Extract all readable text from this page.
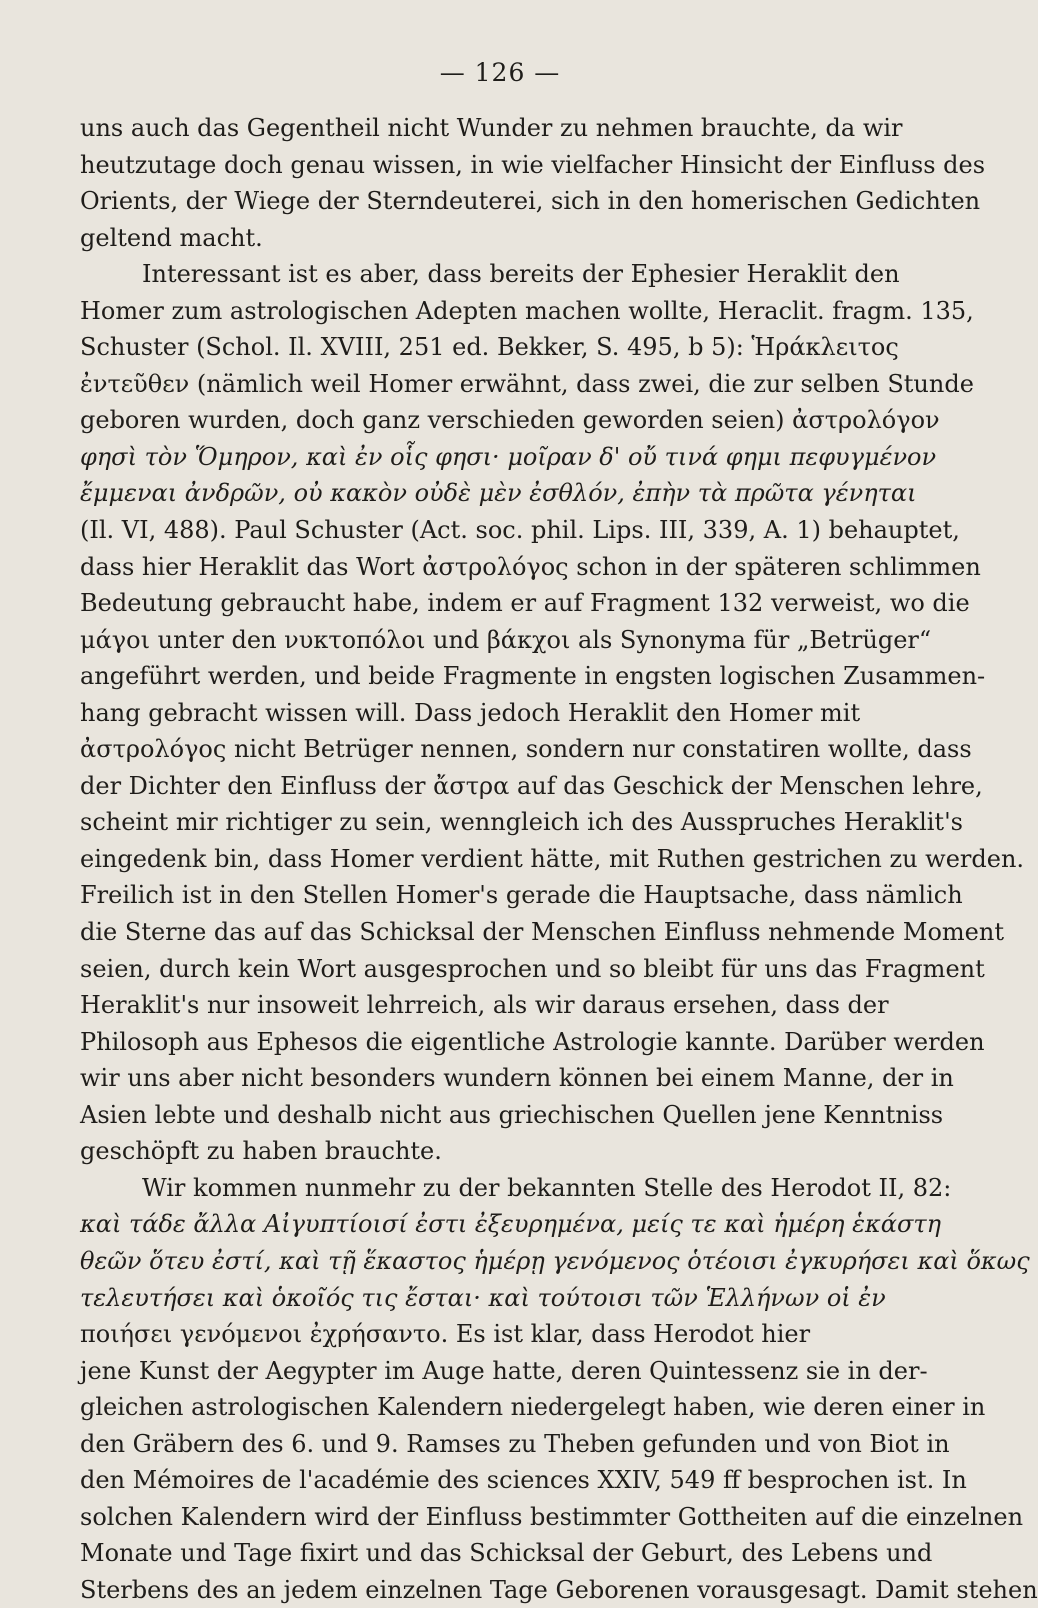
— 126 —
uns auch das Gegentheil nicht Wunder zu nehmen brauchte, da wir
heutzutage doch genau wissen, in wie vielfacher Hinsicht der Einfluss des
Orients, der Wiege der Sterndeuterei, sich in den homerischen Gedichten
geltend macht.
Interessant ist es aber, dass bereits der Ephesier Heraklit den
Homer zum astrologischen Adepten machen wollte, Heraclit. fragm. 135,
Schuster (Schol. Il. XVIII, 251 ed. Bekker, S. 495, b 5): Ἡράκλειτος
ἐντεῦθεν (nämlich weil Homer erwähnt, dass zwei, die zur selben Stunde
geboren wurden, doch ganz verschieden geworden seien) ἀστρολόγον
φησὶ τὸν Ὅμηρον, καὶ ἐν οἷς φησι· μοῖραν δ' οὔ τινά φημι πεφυγμένον
ἔμμεναι ἀνδρῶν, οὐ κακὸν οὐδὲ μὲν ἐσθλόν, ἐπὴν τὰ πρῶτα γένηται
(Il. VI, 488). Paul Schuster (Act. soc. phil. Lips. III, 339, A. 1) behauptet,
dass hier Heraklit das Wort ἀστρολόγος schon in der späteren schlimmen
Bedeutung gebraucht habe, indem er auf Fragment 132 verweist, wo die
μάγοι unter den νυκτοπόλοι und βάκχοι als Synonyma für „Betrüger“
angeführt werden, und beide Fragmente in engsten logischen Zusammen-
hang gebracht wissen will. Dass jedoch Heraklit den Homer mit
ἀστρολόγος nicht Betrüger nennen, sondern nur constatiren wollte, dass
der Dichter den Einfluss der ἄστρα auf das Geschick der Menschen lehre,
scheint mir richtiger zu sein, wenngleich ich des Ausspruches Heraklit's
eingedenk bin, dass Homer verdient hätte, mit Ruthen gestrichen zu werden.
Freilich ist in den Stellen Homer's gerade die Hauptsache, dass nämlich
die Sterne das auf das Schicksal der Menschen Einfluss nehmende Moment
seien, durch kein Wort ausgesprochen und so bleibt für uns das Fragment
Heraklit's nur insoweit lehrreich, als wir daraus ersehen, dass der
Philosoph aus Ephesos die eigentliche Astrologie kannte. Darüber werden
wir uns aber nicht besonders wundern können bei einem Manne, der in
Asien lebte und deshalb nicht aus griechischen Quellen jene Kenntniss
geschöpft zu haben brauchte.
Wir kommen nunmehr zu der bekannten Stelle des Herodot II, 82:
καὶ τάδε ἄλλα Αἰγυπτίοισί ἐστι ἐξευρημένα, μείς τε καὶ ἡμέρη ἑκάστη
θεῶν ὅτευ ἐστί, καὶ τῇ ἕκαστος ἡμέρῃ γενόμενος ὁτέοισι ἐγκυρήσει καὶ ὅκως
τελευτήσει καὶ ὁκοῖός τις ἔσται· καὶ τούτοισι τῶν Ἑλλήνων οἱ ἐν
ποιήσει γενόμενοι ἐχρήσαντο. Es ist klar, dass Herodot hier
jene Kunst der Aegypter im Auge hatte, deren Quintessenz sie in der-
gleichen astrologischen Kalendern niedergelegt haben, wie deren einer in
den Gräbern des 6. und 9. Ramses zu Theben gefunden und von Biot in
den Mémoires de l'académie des sciences XXIV, 549 ff besprochen ist. In
solchen Kalendern wird der Einfluss bestimmter Gottheiten auf die einzelnen
Monate und Tage fixirt und das Schicksal der Geburt, des Lebens und
Sterbens des an jedem einzelnen Tage Geborenen vorausgesagt. Damit stehen
